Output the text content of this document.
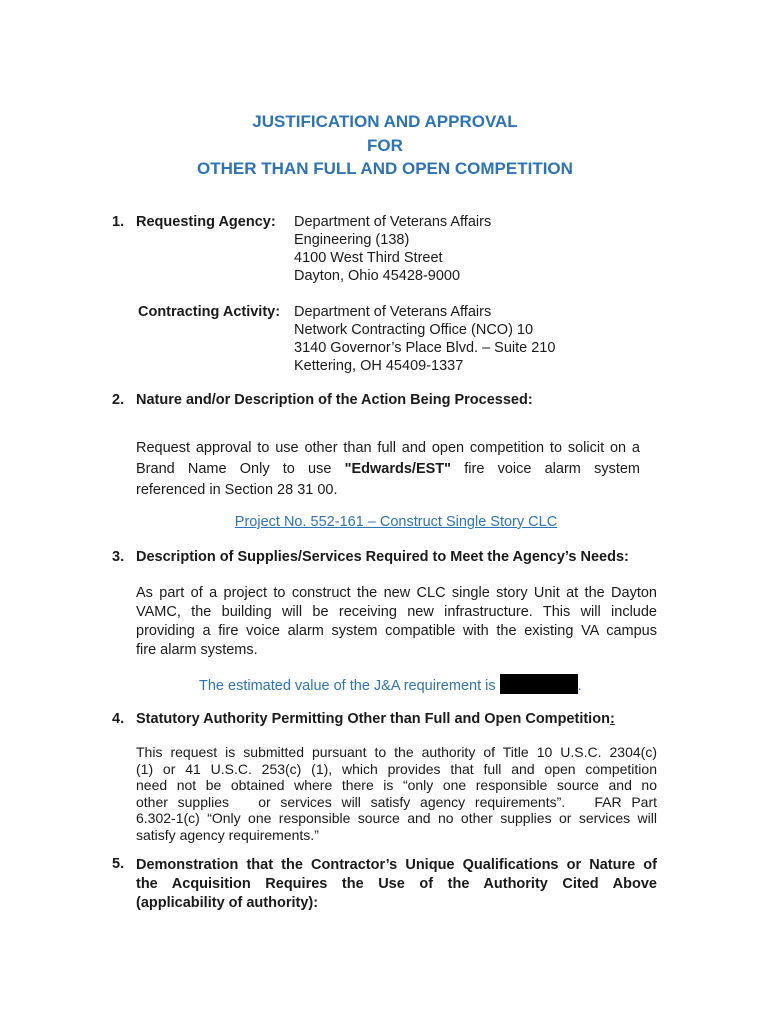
JUSTIFICATION AND APPROVAL
FOR
OTHER THAN FULL AND OPEN COMPETITION
1. Requesting Agency: Department of Veterans Affairs
Engineering (138)
4100 West Third Street
Dayton, Ohio 45428-9000
Contracting Activity: Department of Veterans Affairs
Network Contracting Office (NCO) 10
3140 Governor’s Place Blvd. – Suite 210
Kettering, OH 45409-1337
2. Nature and/or Description of the Action Being Processed:
Request approval to use other than full and open competition to solicit on a
Brand Name Only to use "Edwards/EST" fire voice alarm system
referenced in Section 28 31 00.
Project No. 552-161 – Construct Single Story CLC
3. Description of Supplies/Services Required to Meet the Agency’s Needs:
As part of a project to construct the new CLC single story Unit at the Dayton
VAMC, the building will be receiving new infrastructure. This will include
providing a fire voice alarm system compatible with the existing VA campus
fire alarm systems.
The estimated value of the J&A requirement is	.
4. Statutory Authority Permitting Other than Full and Open Competition:
This request is submitted pursuant to the authority of Title 10 U.S.C. 2304(c)
(1) or 41 U.S.C. 253(c) (1), which provides that full and open competition
need not be obtained where there is “only one responsible source and no
other supplies   or services will satisfy agency requirements”.   FAR Part
6.302-1(c) “Only one responsible source and no other supplies or services will
satisfy agency requirements.”
5. Demonstration that the Contractor’s Unique Qualifications or Nature of
the Acquisition Requires the Use of the Authority Cited Above
(applicability of authority):
